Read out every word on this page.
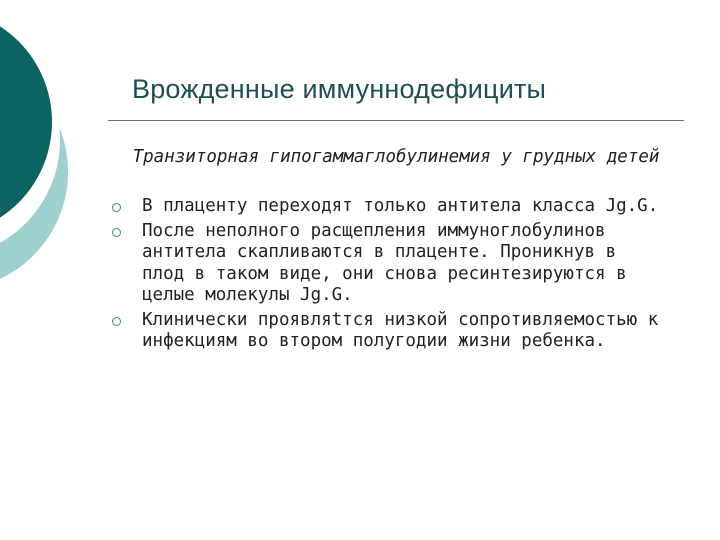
Врожденные иммуннодефициты
Транзиторная гипогаммаглобулинемия у грудных детей
В плаценту переходят только антитела класса Jg.G.
После неполного расщепления иммуноглобулинов антитела скапливаются в плаценте. Проникнув в плод в таком виде, они снова ресинтезируются в целые молекулы Jg.G.
Клинически проявляtтся низкой сопротивляемостью к инфекциям во втором полугодии жизни ребенка.
